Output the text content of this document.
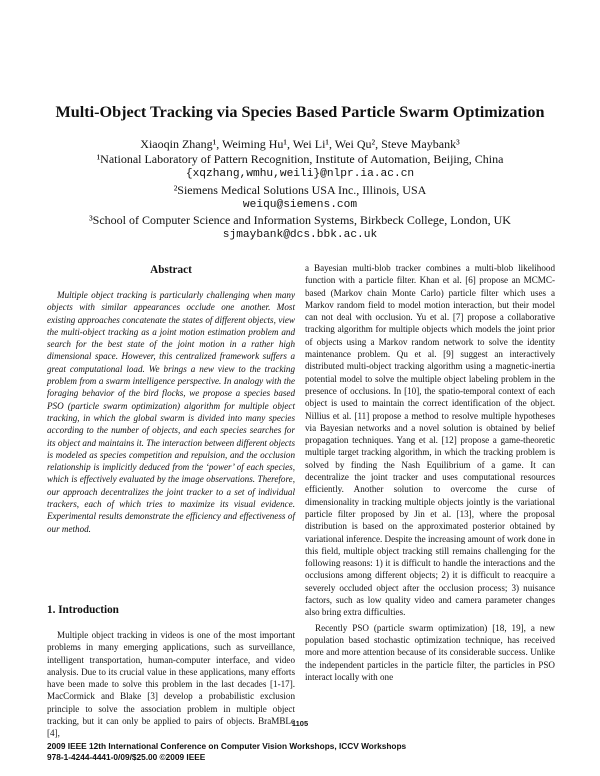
Multi-Object Tracking via Species Based Particle Swarm Optimization
Xiaoqin Zhang¹, Weiming Hu¹, Wei Li¹, Wei Qu², Steve Maybank³
¹National Laboratory of Pattern Recognition, Institute of Automation, Beijing, China
{xqzhang,wmhu,weili}@nlpr.ia.ac.cn
²Siemens Medical Solutions USA Inc., Illinois, USA
weiqu@siemens.com
³School of Computer Science and Information Systems, Birkbeck College, London, UK
sjmaybank@dcs.bbk.ac.uk
Abstract

Multiple object tracking is particularly challenging when many objects with similar appearances occlude one another. Most existing approaches concatenate the states of different objects, view the multi-object tracking as a joint motion estimation problem and search for the best state of the joint motion in a rather high dimensional space. However, this centralized framework suffers a great computational load. We brings a new view to the tracking problem from a swarm intelligence perspective. In analogy with the foraging behavior of the bird flocks, we propose a species based PSO (particle swarm optimization) algorithm for multiple object tracking, in which the global swarm is divided into many species according to the number of objects, and each species searches for its object and maintains it. The interaction between different objects is modeled as species competition and repulsion, and the occlusion relationship is implicitly deduced from the ‘power’ of each species, which is effectively evaluated by the image observations. Therefore, our approach decentralizes the joint tracker to a set of individual trackers, each of which tries to maximize its visual evidence. Experimental results demonstrate the efficiency and effectiveness of our method.

1. Introduction

Multiple object tracking in videos is one of the most important problems in many emerging applications, such as surveillance, intelligent transportation, human-computer interface, and video analysis. Due to its crucial value in these applications, many efforts have been made to solve this problem in the last decades [1-17]. MacCormick and Blake [3] develop a probabilistic exclusion principle to solve the association problem in multiple object tracking, but it can only be applied to pairs of objects. BraMBLe [4],

a Bayesian multi-blob tracker combines a multi-blob likelihood function with a particle filter. Khan et al. [6] propose an MCMC-based (Markov chain Monte Carlo) particle filter which uses a Markov random field to model motion interaction, but their model can not deal with occlusion. Yu et al. [7] propose a collaborative tracking algorithm for multiple objects which models the joint prior of objects using a Markov random network to solve the identity maintenance problem. Qu et al. [9] suggest an interactively distributed multi-object tracking algorithm using a magnetic-inertia potential model to solve the multiple object labeling problem in the presence of occlusions. In [10], the spatio-temporal context of each object is used to maintain the correct identification of the object. Nillius et al. [11] propose a method to resolve multiple hypotheses via Bayesian networks and a novel solution is obtained by belief propagation techniques. Yang et al. [12] propose a game-theoretic multiple target tracking algorithm, in which the tracking problem is solved by finding the Nash Equilibrium of a game. It can decentralize the joint tracker and uses computational resources efficiently. Another solution to overcome the curse of dimensionality in tracking multiple objects jointly is the variational particle filter proposed by Jin et al. [13], where the proposal distribution is based on the approximated posterior obtained by variational inference. Despite the increasing amount of work done in this field, multiple object tracking still remains challenging for the following reasons: 1) it is difficult to handle the interactions and the occlusions among different objects; 2) it is difficult to reacquire a severely occluded object after the occlusion process; 3) nuisance factors, such as low quality video and camera parameter changes also bring extra difficulties.

Recently PSO (particle swarm optimization) [18, 19], a new population based stochastic optimization technique, has received more and more attention because of its considerable success. Unlike the independent particles in the particle filter, the particles in PSO interact locally with one

1105
2009 IEEE 12th International Conference on Computer Vision Workshops, ICCV Workshops
978-1-4244-4441-0/09/$25.00 ©2009 IEEE
